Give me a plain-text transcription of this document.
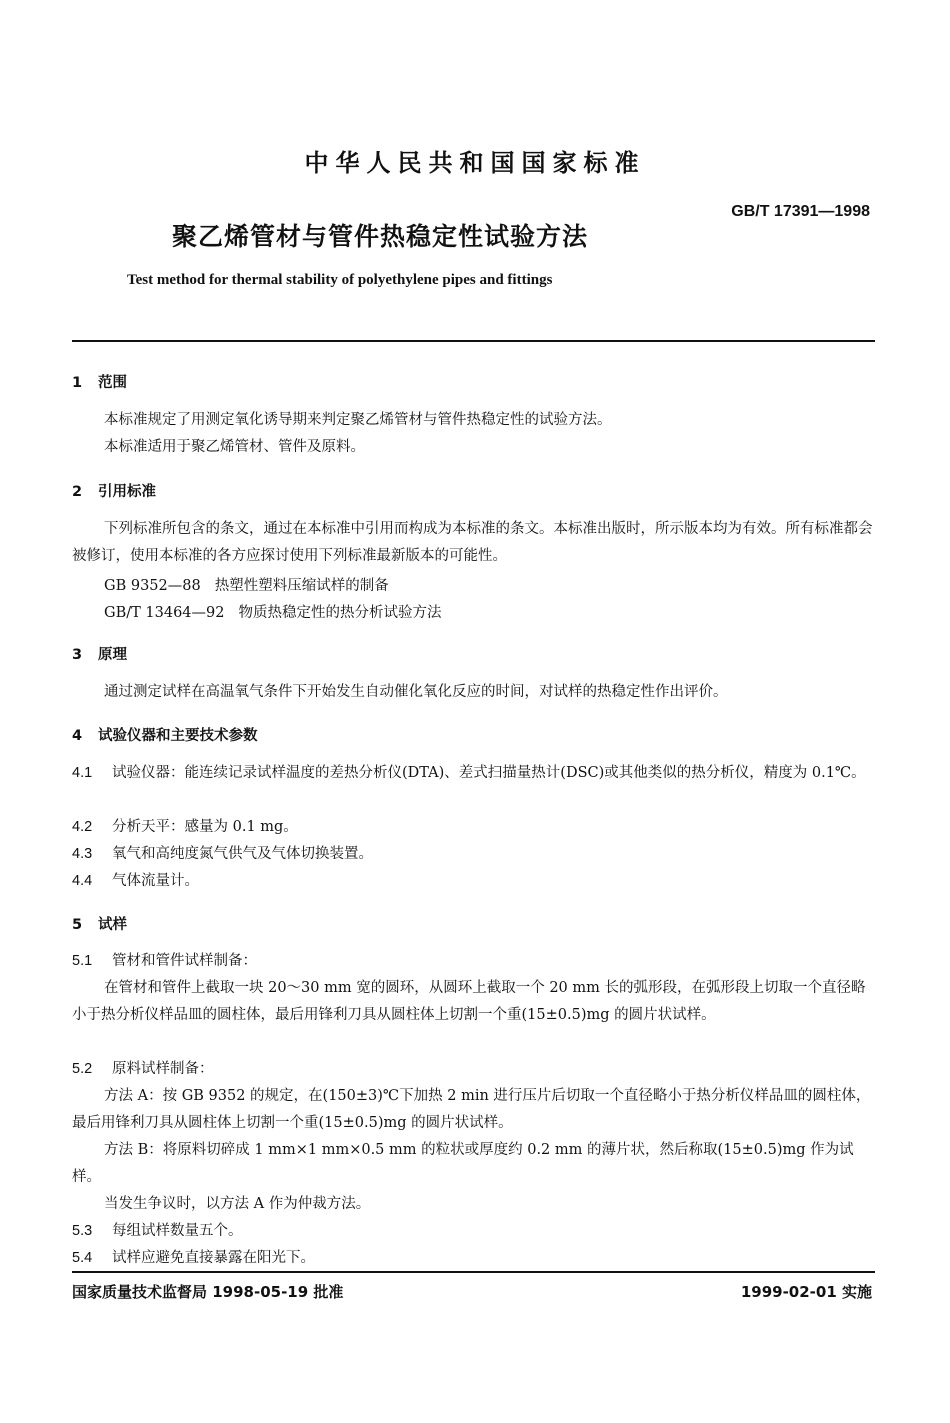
中华人民共和国国家标准
GB/T 17391—1998
聚乙烯管材与管件热稳定性试验方法
Test method for thermal stability of polyethylene pipes and fittings
1 范围
本标准规定了用测定氧化诱导期来判定聚乙烯管材与管件热稳定性的试验方法。
本标准适用于聚乙烯管材、管件及原料。
2 引用标准
下列标准所包含的条文，通过在本标准中引用而构成为本标准的条文。本标准出版时，所示版本均为有效。所有标准都会被修订，使用本标准的各方应探讨使用下列标准最新版本的可能性。
GB 9352—88 热塑性塑料压缩试样的制备
GB/T 13464—92 物质热稳定性的热分析试验方法
3 原理
通过测定试样在高温氧气条件下开始发生自动催化氧化反应的时间，对试样的热稳定性作出评价。
4 试验仪器和主要技术参数
4.1 试验仪器：能连续记录试样温度的差热分析仪(DTA)、差式扫描量热计(DSC)或其他类似的热分析仪，精度为 0.1℃。
4.2 分析天平：感量为 0.1 mg。
4.3 氧气和高纯度氮气供气及气体切换装置。
4.4 气体流量计。
5 试样
5.1 管材和管件试样制备：
在管材和管件上截取一块 20～30 mm 宽的圆环，从圆环上截取一个 20 mm 长的弧形段，在弧形段上切取一个直径略小于热分析仪样品皿的圆柱体，最后用锋利刀具从圆柱体上切割一个重(15±0.5)mg 的圆片状试样。
5.2 原料试样制备：
方法 A：按 GB 9352 的规定，在(150±3)℃下加热 2 min 进行压片后切取一个直径略小于热分析仪样品皿的圆柱体，最后用锋利刀具从圆柱体上切割一个重(15±0.5)mg 的圆片状试样。
方法 B：将原料切碎成 1 mm×1 mm×0.5 mm 的粒状或厚度约 0.2 mm 的薄片状，然后称取(15±0.5)mg 作为试样。
当发生争议时，以方法 A 作为仲裁方法。
5.3 每组试样数量五个。
5.4 试样应避免直接暴露在阳光下。
国家质量技术监督局 1998-05-19 批准	1999-02-01 实施
